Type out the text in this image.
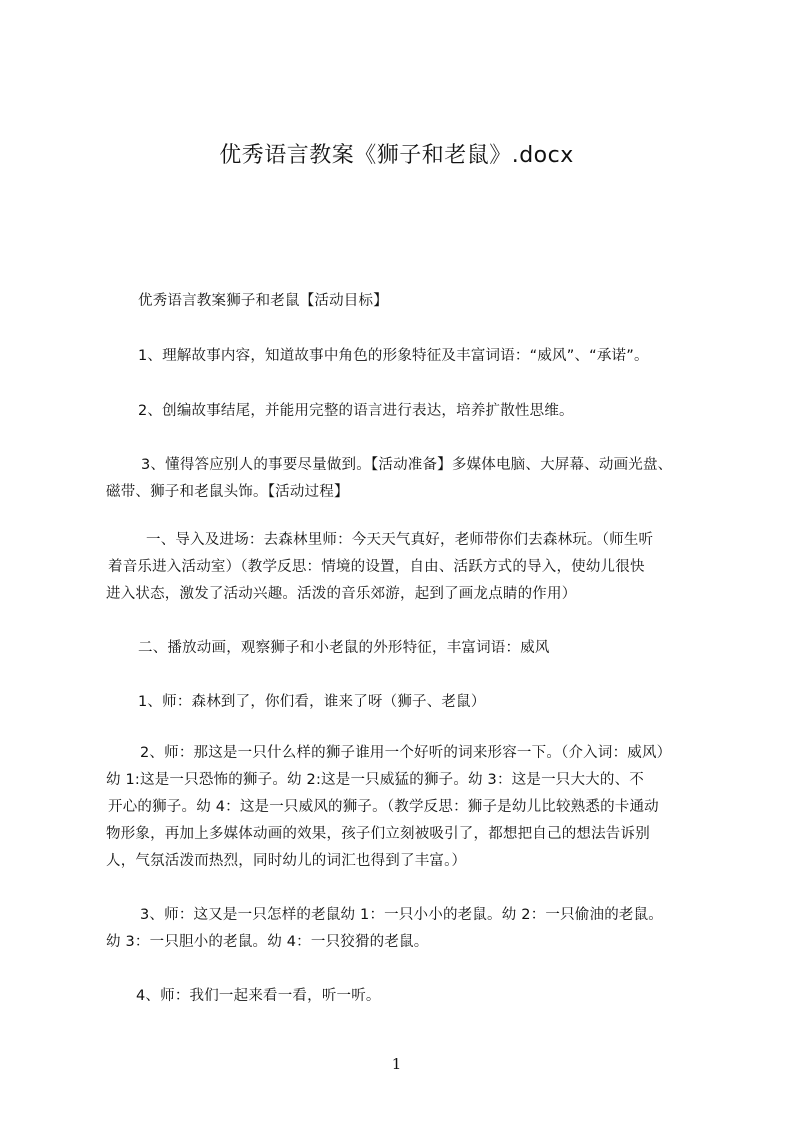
优秀语言教案《狮子和老鼠》.docx
优秀语言教案狮子和老鼠【活动目标】
1、理解故事内容，知道故事中角色的形象特征及丰富词语：“威风”、“承诺”。
2、创编故事结尾，并能用完整的语言进行表达，培养扩散性思维。
3、懂得答应别人的事要尽量做到。【活动准备】多媒体电脑、大屏幕、动画光盘、
磁带、狮子和老鼠头饰。【活动过程】
一、导入及进场：去森林里师：今天天气真好，老师带你们去森林玩。（师生听
着音乐进入活动室）（教学反思：情境的设置，自由、活跃方式的导入，使幼儿很快
进入状态，激发了活动兴趣。活泼的音乐郊游，起到了画龙点睛的作用）
二、播放动画，观察狮子和小老鼠的外形特征，丰富词语：威风
1、师：森林到了，你们看，谁来了呀（狮子、老鼠）
2、师：那这是一只什么样的狮子谁用一个好听的词来形容一下。（介入词：威风）
幼 1:这是一只恐怖的狮子。幼 2:这是一只威猛的狮子。幼 3：这是一只大大的、不
开心的狮子。幼 4：这是一只威风的狮子。（教学反思：狮子是幼儿比较熟悉的卡通动
物形象，再加上多媒体动画的效果，孩子们立刻被吸引了，都想把自己的想法告诉别
人，气氛活泼而热烈，同时幼儿的词汇也得到了丰富。）
3、师：这又是一只怎样的老鼠幼 1：一只小小的老鼠。幼 2：一只偷油的老鼠。
幼 3：一只胆小的老鼠。幼 4：一只狡猾的老鼠。
4、师：我们一起来看一看，听一听。
1
